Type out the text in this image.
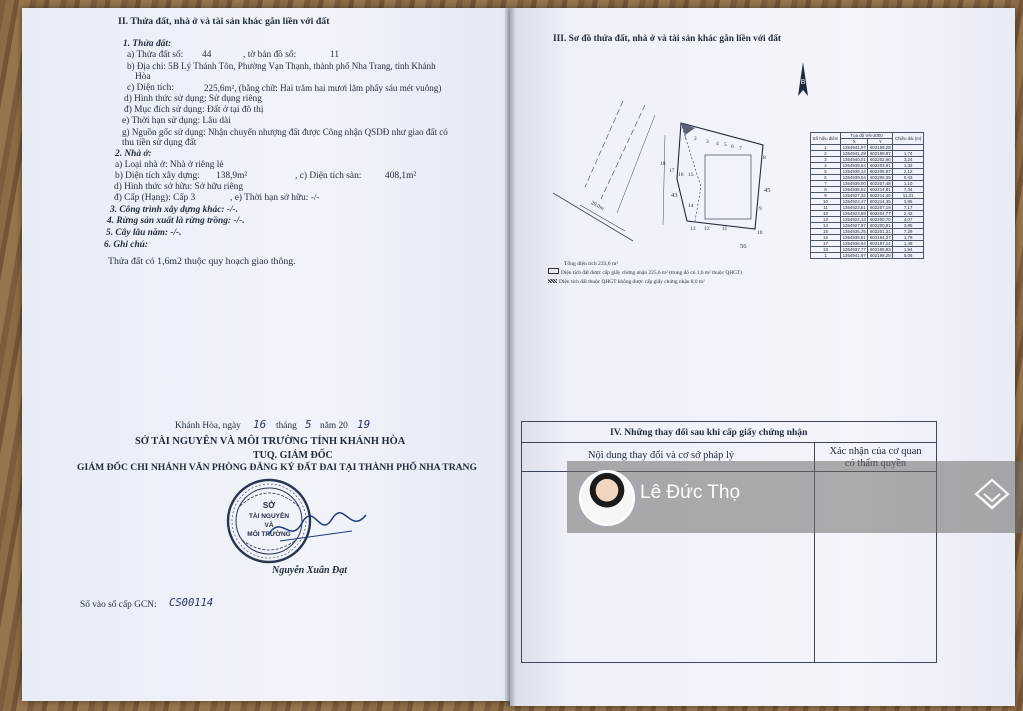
II. Thửa đất, nhà ở và tài sản khác gắn liền với đất
1. Thửa đất:
a) Thửa đất số: 44	, tờ bản đồ số:	11
b) Địa chỉ: 5B Lý Thánh Tôn, Phường Vạn Thạnh, thành phố Nha Trang, tỉnh Khánh
Hòa
c) Diện tích:	225,6m², (bằng chữ: Hai trăm hai mươi lăm phẩy sáu mét vuông)
d) Hình thức sử dụng: Sử dụng riêng
đ) Mục đích sử dụng: Đất ở tại đô thị
e) Thời hạn sử dụng: Lâu dài
g) Nguồn gốc sử dụng: Nhận chuyển nhượng đất được Công nhận QSDĐ như giao đất có
thu tiền sử dụng đất
2. Nhà ở:
a) Loại nhà ở: Nhà ở riêng lẻ
b) Diện tích xây dựng: 138,9m²	, c) Diện tích sàn:	408,1m²
d) Hình thức sở hữu: Sở hữu riêng
đ) Cấp (Hạng): Cấp 3	, e) Thời hạn sở hữu: -/-
3. Công trình xây dựng khác: -/-.
4. Rừng sản xuất là rừng trồng: -/-.
5. Cây lâu năm: -/-.
6. Ghi chú:
Thửa đất có 1,6m2 thuộc quy hoạch giao thông.
Khánh Hòa, ngày 16 tháng 5 năm 20 19
SỞ TÀI NGUYÊN VÀ MÔI TRƯỜNG TỈNH KHÁNH HÒA
TUQ. GIÁM ĐỐC
GIÁM ĐỐC CHI NHÁNH VĂN PHÒNG ĐĂNG KÝ ĐẤT ĐAI TẠI THÀNH PHỐ NHA TRANG
SỞ
TÀI NGUYÊN
VÀ
MÔI TRƯỜNG
Nguyễn Xuân Đạt
Số vào sổ cấp GCN: CS00114
III. Sơ đồ thửa đất, nhà ở và tài sản khác gắn liền với đất
B
20.0m
43
45
56
18
17
16 15
14
13 12 11
10
9
8
7
6
5
4
3
2
1
Tổng diện tích 233,6 m²
Diện tích đất được cấp giấy chứng nhận 225,6 m² (trong đó có 1,6 m² thuộc QHGT)
Diện tích đất thuộc QHGT không được cấp giấy chứng nhận 8,0 m²
Số hiệu điểm	Tọa độ VN-2000		Chiều dài (m)
	X	Y	
1	1354941,97	602198,28	
2	1354941,28	602199,87	1,74
3	1354940,01	602202,66	3,24
4	1354939,64	602203,91	1,32
5	1354939,14	602205,97	2,12
6	1354939,04	602206,39	0,43
7	1354939,00	602207,48	1,10
8	1354938,62	602214,81	7,34
9	1354927,32	602214,46	11,31
10	1354923,47	602214,35	3,85
11	1354923,81	602207,19	7,17
12	1354923,89	602204,77	2,42
13	1354924,13	602200,70	4,07
14	1354927,97	602200,91	3,85
15	1354935,25	602201,31	7,29
16	1354935,81	602194,37	1,79
17	1354936,64	602197,14	1,49
18	1354937,77	602195,93	1,94
1	1354941,97	602198,28	5,06
IV. Những thay đổi sau khi cấp giấy chứng nhận
Nội dung thay đổi và cơ sở pháp lý	Xác nhận của cơ quan
Lê Đức Thọ
